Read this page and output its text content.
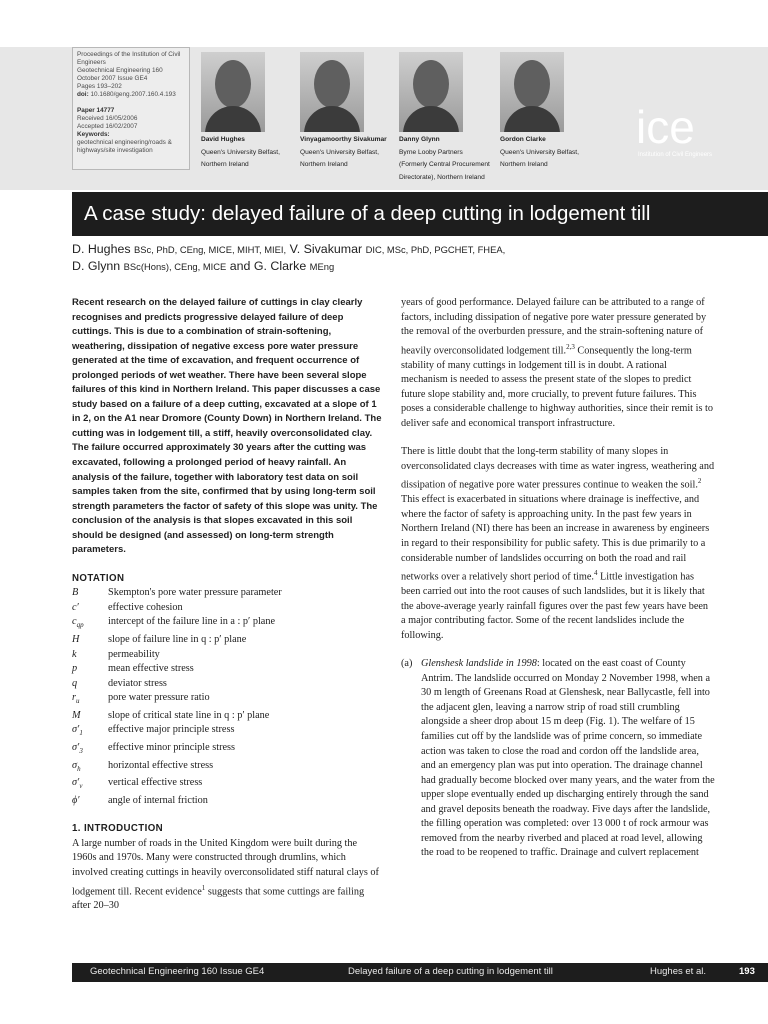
Proceedings of the Institution of Civil Engineers
Geotechnical Engineering 160
October 2007 Issue GE4
Pages 193–202
doi: 10.1680/geng.2007.160.4.193
Paper 14777
Received 16/05/2006
Accepted 16/02/2007
Keywords:
geotechnical engineering/roads & highways/site investigation
David Hughes
Queen's University Belfast,
Northern Ireland
Vinyagamoorthy Sivakumar
Queen's University Belfast,
Northern Ireland
Danny Glynn
Byrne Looby Partners
(Formerly Central Procurement
Directorate), Northern Ireland
Gordon Clarke
Queen's University Belfast,
Northern Ireland
ice
Institution of Civil Engineers
A case study: delayed failure of a deep cutting in lodgement till
D. Hughes BSc, PhD, CEng, MICE, MIHT, MIEI, V. Sivakumar DIC, MSc, PhD, PGCHET, FHEA,
D. Glynn BSc(Hons), CEng, MICE and G. Clarke MEng

Recent research on the delayed failure of cuttings in clay clearly recognises and predicts progressive delayed failure of deep cuttings. This is due to a combination of strain-softening, weathering, dissipation of negative excess pore water pressure generated at the time of excavation, and frequent occurrence of prolonged periods of wet weather. There have been several slope failures of this kind in Northern Ireland. This paper discusses a case study based on a failure of a deep cutting, excavated at a slope of 1 in 2, on the A1 near Dromore (County Down) in Northern Ireland. The cutting was in lodgement till, a stiff, heavily overconsolidated clay. The failure occurred approximately 30 years after the cutting was excavated, following a prolonged period of heavy rainfall. An analysis of the failure, together with laboratory test data on soil samples taken from the site, confirmed that by using long-term soil strength parameters the factor of safety of this slope was unity. The conclusion of the analysis is that slopes excavated in this soil should be designed (and assessed) on long-term strength parameters.

NOTATION

B	Skempton's pore water pressure parameter
c′	effective cohesion
$c_{qp}$	intercept of the failure line in a : p′ plane
H	slope of failure line in q : p′ plane
k	permeability
p	mean effective stress
q	deviator stress
$r_u$	pore water pressure ratio
M	slope of critical state line in q : p′ plane
$\sigma'_1$	effective major principle stress
$\sigma'_3$	effective minor principle stress
$\sigma_h$	horizontal effective stress
$\sigma'_v$	vertical effective stress
ϕ′	angle of internal friction

1. INTRODUCTION

A large number of roads in the United Kingdom were built during the 1960s and 1970s. Many were constructed through drumlins, which involved creating cuttings in heavily overconsolidated stiff natural clays of lodgement till. Recent evidence$^1$ suggests that some cuttings are failing after 20–30

years of good performance. Delayed failure can be attributed to a range of factors, including dissipation of negative pore water pressure generated by the removal of the overburden pressure, and the strain-softening nature of heavily overconsolidated lodgement till.$^{2,3}$ Consequently the long-term stability of many cuttings in lodgement till is in doubt. A rational mechanism is needed to assess the present state of the slopes to predict future slope stability and, more crucially, to prevent future failures. This poses a considerable challenge to highway authorities, since their remit is to deliver safe and economical transport infrastructure.

There is little doubt that the long-term stability of many slopes in overconsolidated clays decreases with time as water ingress, weathering and dissipation of negative pore water pressures continue to weaken the soil.$^2$ This effect is exacerbated in situations where drainage is ineffective, and where the factor of safety is approaching unity. In the past few years in Northern Ireland (NI) there has been an increase in awareness by engineers in regard to their responsibility for public safety. This is due primarily to a considerable number of landslides occurring on both the road and rail networks over a relatively short period of time.$^4$ Little investigation has been carried out into the root causes of such landslides, but it is likely that the above-average yearly rainfall figures over the past few years have been a major contributing factor. Some of the recent landslides include the following.

(a) Glenshesk landslide in 1998: located on the east coast of County Antrim. The landslide occurred on Monday 2 November 1998, when a 30 m length of Greenans Road at Glenshesk, near Ballycastle, fell into the adjacent glen, leaving a narrow strip of road still crumbling alongside a sheer drop about 15 m deep (Fig. 1). The welfare of 15 families cut off by the landslide was of prime concern, so immediate action was taken to close the road and cordon off the landslide area, and an emergency plan was put into operation. The drainage channel had gradually become blocked over many years, and the water from the upper slope eventually ended up discharging entirely through the sand and gravel deposits beneath the roadway. Five days after the landslide, the filling operation was completed: over 13 000 t of rock armour was removed from the nearby riverbed and placed at road level, allowing the road to be reopened to traffic. Drainage and culvert replacement

Geotechnical Engineering 160 Issue GE4	Delayed failure of a deep cutting in lodgement till	Hughes et al.	193
